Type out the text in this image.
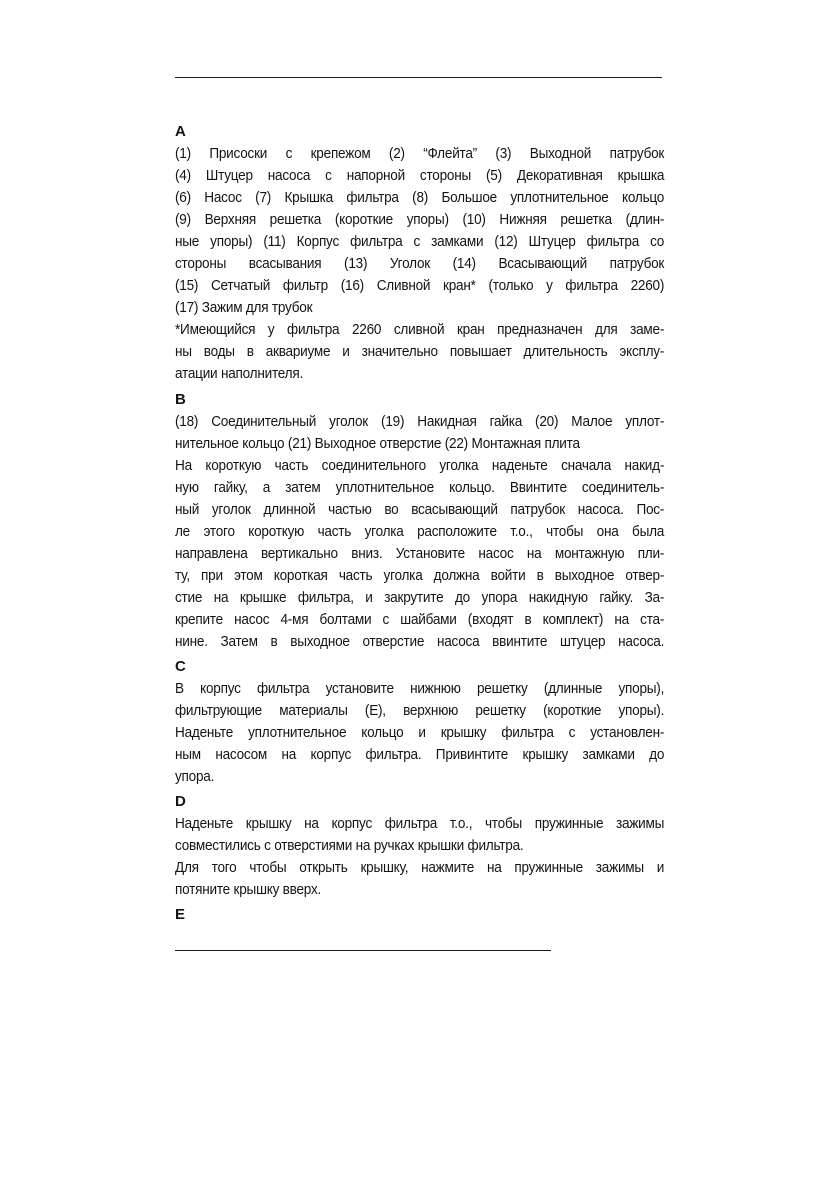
A
(1) Присоски с крепежом (2) “Флейта” (3) Выходной патрубок
(4) Штуцер насоса с напорной стороны (5) Декоративная крышка
(6) Насос (7) Крышка фильтра (8) Большое уплотнительное кольцо
(9) Верхняя решетка (короткие упоры) (10) Нижняя решетка (длин-
ные упоры) (11) Корпус фильтра с замками (12) Штуцер фильтра со
стороны всасывания (13) Уголок (14) Всасывающий патрубок
(15) Сетчатый фильтр (16) Сливной кран* (только у фильтра 2260)
(17) Зажим для трубок
*Имеющийся у фильтра 2260 сливной кран предназначен для заме-
ны воды в аквариуме и значительно повышает длительность эксплу-
атации наполнителя.
B
(18) Соединительный уголок (19) Накидная гайка (20) Малое уплот-
нительное кольцо (21) Выходное отверстие (22) Монтажная плита
На короткую часть соединительного уголка наденьте сначала накид-
ную гайку, а затем уплотнительное кольцо. Ввинтите соединитель-
ный уголок длинной частью во всасывающий патрубок насоса. Пос-
ле этого короткую часть уголка расположите т.о., чтобы она была
направлена вертикально вниз. Установите насос на монтажную пли-
ту, при этом короткая часть уголка должна войти в выходное отвер-
стие на крышке фильтра, и закрутите до упора накидную гайку. За-
крепите насос 4-мя болтами с шайбами (входят в комплект) на ста-
нине. Затем в выходное отверстие насоса ввинтите штуцер насоса.
C
В корпус фильтра установите нижнюю решетку (длинные упоры),
фильтрующие материалы (E), верхнюю решетку (короткие упоры).
Наденьте уплотнительное кольцо и крышку фильтра с установлен-
ным насосом на корпус фильтра. Привинтите крышку замками до
упора.
D
Наденьте крышку на корпус фильтра т.о., чтобы пружинные зажимы
совместились с отверстиями на ручках крышки фильтра.
Для того чтобы открыть крышку, нажмите на пружинные зажимы и
потяните крышку вверх.
E
